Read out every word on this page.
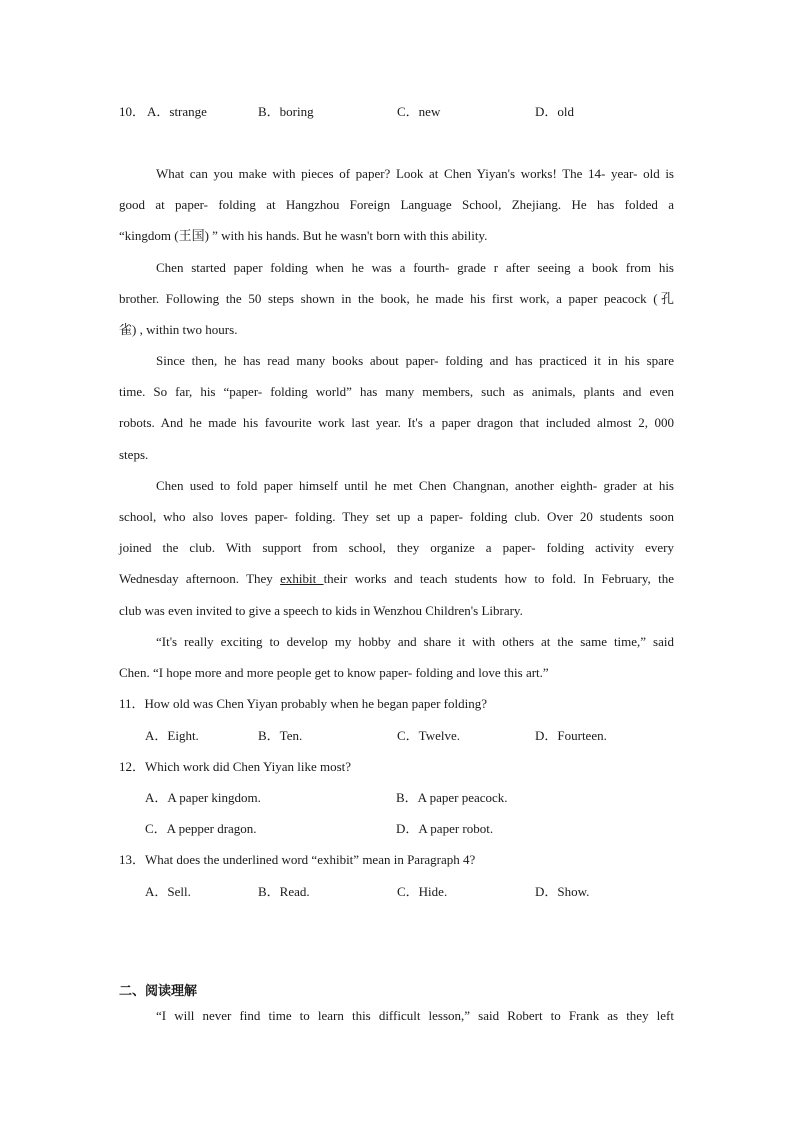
10． A．strange	B．boring	C．new	D．old
What can you make with pieces of paper? Look at Chen Yiyan's works! The 14- year- old is
good at paper- folding at Hangzhou Foreign Language School, Zhejiang. He has folded a
“kingdom (王国) ” with his hands. But he wasn't born with this ability.
Chen started paper folding when he was a fourth- grade r after seeing a book from his
brother. Following the 50 steps shown in the book, he made his first work, a paper peacock (孔
雀) , within two hours.
Since then, he has read many books about paper- folding and has practiced it in his spare
time. So far, his “paper- folding world” has many members, such as animals, plants and even
robots. And he made his favourite work last year. It's a paper dragon that included almost 2, 000
steps.
Chen used to fold paper himself until he met Chen Changnan, another eighth- grader at his
school, who also loves paper- folding. They set up a paper- folding club. Over 20 students soon
joined the club. With support from school, they organize a paper- folding activity every
Wednesday afternoon. They exhibit their works and teach students how to fold. In February, the
club was even invited to give a speech to kids in Wenzhou Children's Library.
“It's really exciting to develop my hobby and share it with others at the same time,” said
Chen. “I hope more and more people get to know paper- folding and love this art.”
11．How old was Chen Yiyan probably when he began paper folding?
A．Eight.	B．Ten.	C．Twelve.	D．Fourteen.
12．Which work did Chen Yiyan like most?
A．A paper kingdom.	B．A paper peacock.
C．A pepper dragon.	D．A paper robot.
13．What does the underlined word “exhibit” mean in Paragraph 4?
A．Sell.	B．Read.	C．Hide.	D．Show.
二、阅读理解
“I will never find time to learn this difficult lesson,” said Robert to Frank as they left
